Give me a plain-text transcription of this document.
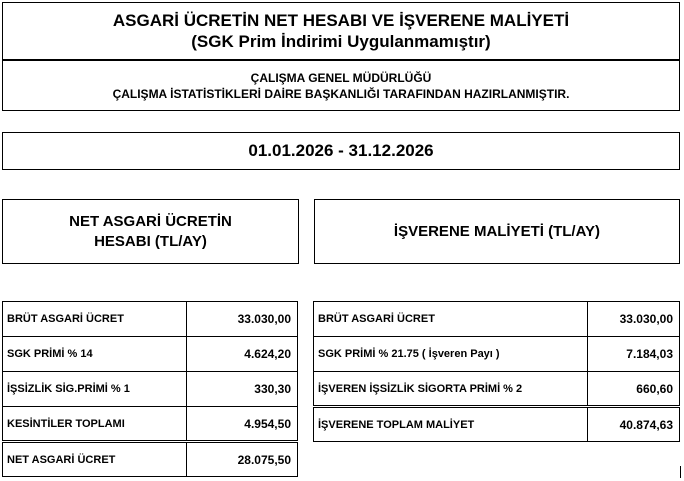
ASGARİ ÜCRETİN NET HESABI VE İŞVERENE MALİYETİ
(SGK Prim İndirimi Uygulanmamıştır)
ÇALIŞMA GENEL MÜDÜRLÜĞÜ
ÇALIŞMA İSTATİSTİKLERİ DAİRE BAŞKANLIĞI TARAFINDAN HAZIRLANMIŞTIR.
01.01.2026 - 31.12.2026
NET ASGARİ ÜCRETİN
HESABI (TL/AY)
İŞVERENE MALİYETİ (TL/AY)
BRÜT ASGARİ ÜCRET	33.030,00
SGK PRİMİ % 14	4.624,20
İŞSİZLİK SİG.PRİMİ % 1	330,30
KESİNTİLER TOPLAMI	4.954,50
NET ASGARİ ÜCRET	28.075,50
BRÜT ASGARİ ÜCRET	33.030,00
SGK PRİMİ % 21.75 ( İşveren Payı )	7.184,03
İŞVEREN İŞSİZLİK SİGORTA PRİMİ % 2	660,60
İŞVERENE TOPLAM MALİYET	40.874,63
